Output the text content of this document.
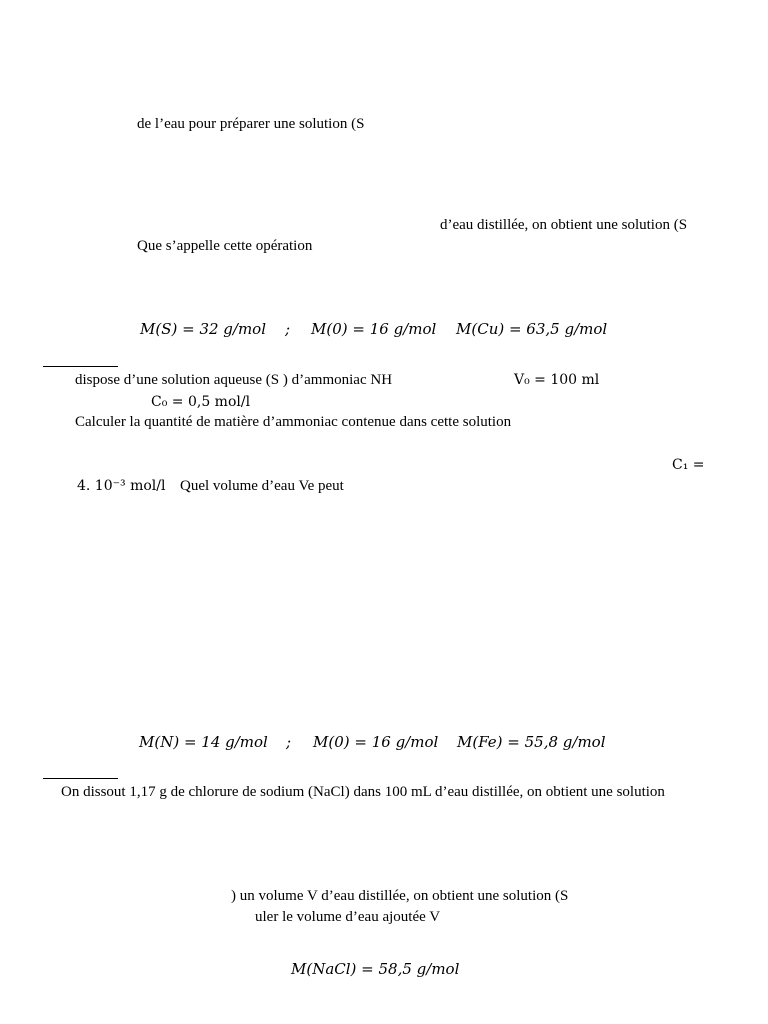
de l’eau pour préparer une solution (S
d’eau distillée, on obtient une solution (S
Que s’appelle cette opération
M(S) = 32 g/mol ; M(0) = 16 g/mol M(Cu) = 63,5 g/mol
dispose d’une solution aqueuse (S ) d’ammoniac NH	V₀ = 100 ml
C₀ = 0,5 mol/l
Calculer la quantité de matière d’ammoniac contenue dans cette solution
C₁ =
4. 10⁻³ mol/l Quel volume d’eau Ve peut
M(N) = 14 g/mol ; M(0) = 16 g/mol M(Fe) = 55,8 g/mol
On dissout 1,17 g de chlorure de sodium (NaCl) dans 100 mL d’eau distillée, on obtient une solution
) un volume V d’eau distillée, on obtient une solution (S
uler le volume d’eau ajoutée V
M(NaCl) = 58,5 g/mol
